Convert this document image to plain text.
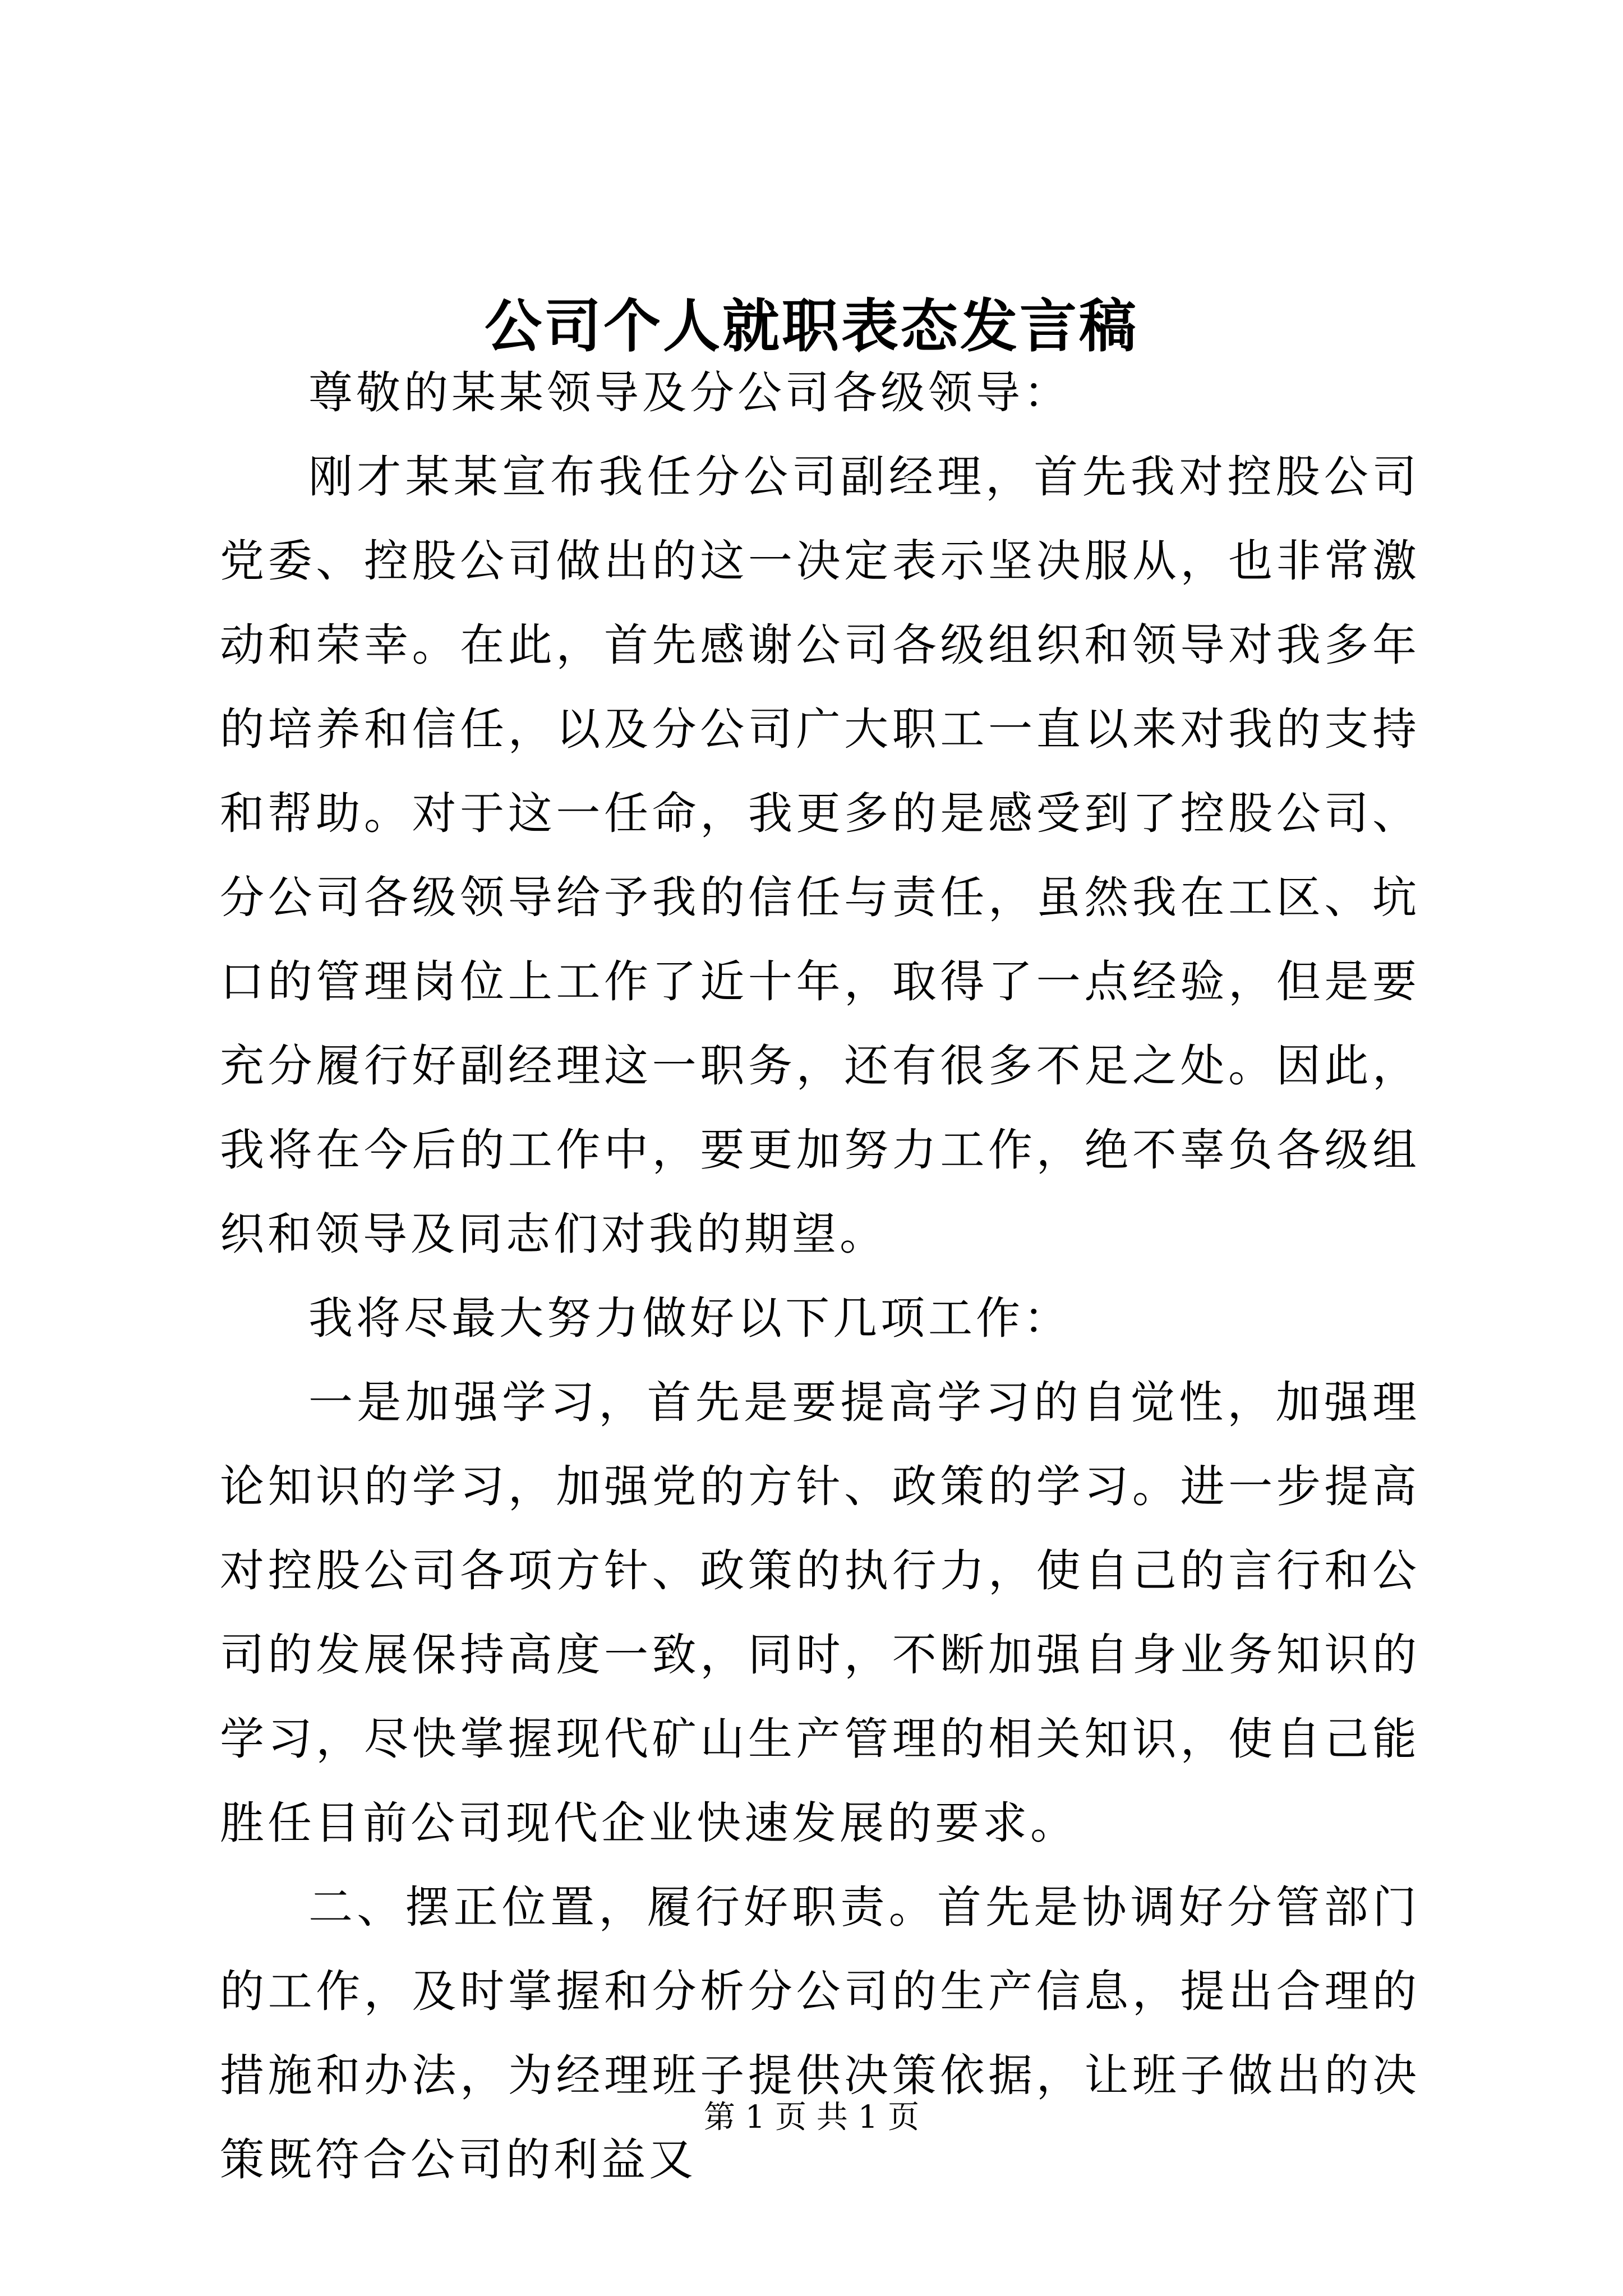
公司个人就职表态发言稿

尊敬的某某领导及分公司各级领导：

刚才某某宣布我任分公司副经理，首先我对控股公司党委、控股公司做出的这一决定表示坚决服从，也非常激动和荣幸。在此，首先感谢公司各级组织和领导对我多年的培养和信任，以及分公司广大职工一直以来对我的支持和帮助。对于这一任命，我更多的是感受到了控股公司、分公司各级领导给予我的信任与责任，虽然我在工区、坑口的管理岗位上工作了近十年，取得了一点经验，但是要充分履行好副经理这一职务，还有很多不足之处。因此，我将在今后的工作中，要更加努力工作，绝不辜负各级组织和领导及同志们对我的期望。

我将尽最大努力做好以下几项工作：

一是加强学习，首先是要提高学习的自觉性，加强理论知识的学习，加强党的方针、政策的学习。进一步提高对控股公司各项方针、政策的执行力，使自己的言行和公司的发展保持高度一致，同时，不断加强自身业务知识的学习，尽快掌握现代矿山生产管理的相关知识，使自己能胜任目前公司现代企业快速发展的要求。

二、摆正位置，履行好职责。首先是协调好分管部门的工作，及时掌握和分析分公司的生产信息，提出合理的措施和办法，为经理班子提供决策依据，让班子做出的决策既符合公司的利益又

第 1 页 共 1 页
